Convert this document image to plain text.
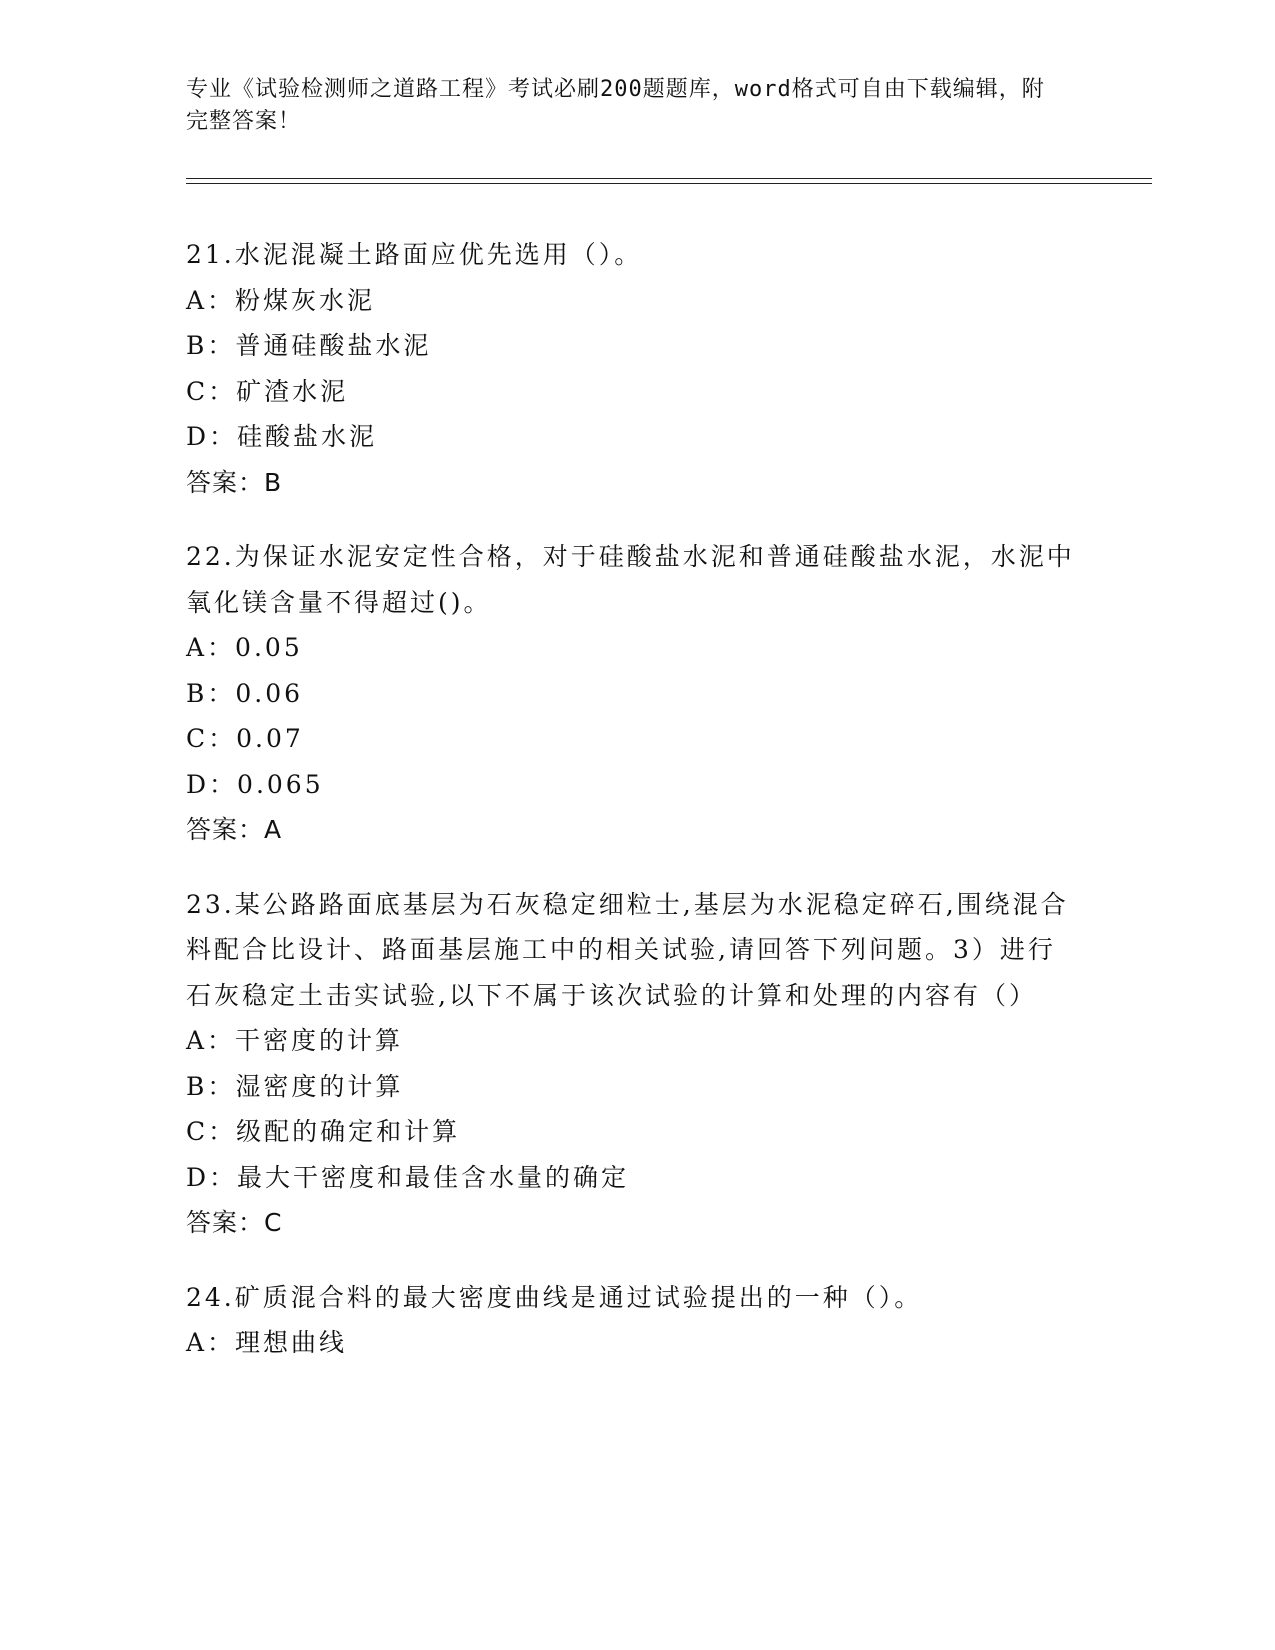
专业《试验检测师之道路工程》考试必刷200题题库，word格式可自由下载编辑，附完整答案！
21.水泥混凝土路面应优先选用（）。
A：粉煤灰水泥
B：普通硅酸盐水泥
C：矿渣水泥
D：硅酸盐水泥
答案：B
22.为保证水泥安定性合格，对于硅酸盐水泥和普通硅酸盐水泥，水泥中氧化镁含量不得超过()。
A：0.05
B：0.06
C：0.07
D：0.065
答案：A
23.某公路路面底基层为石灰稳定细粒士,基层为水泥稳定碎石,围绕混合料配合比设计、路面基层施工中的相关试验,请回答下列问题。3）进行石灰稳定土击实试验,以下不属于该次试验的计算和处理的内容有（）
A：干密度的计算
B：湿密度的计算
C：级配的确定和计算
D：最大干密度和最佳含水量的确定
答案：C
24.矿质混合料的最大密度曲线是通过试验提出的一种（）。
A：理想曲线
